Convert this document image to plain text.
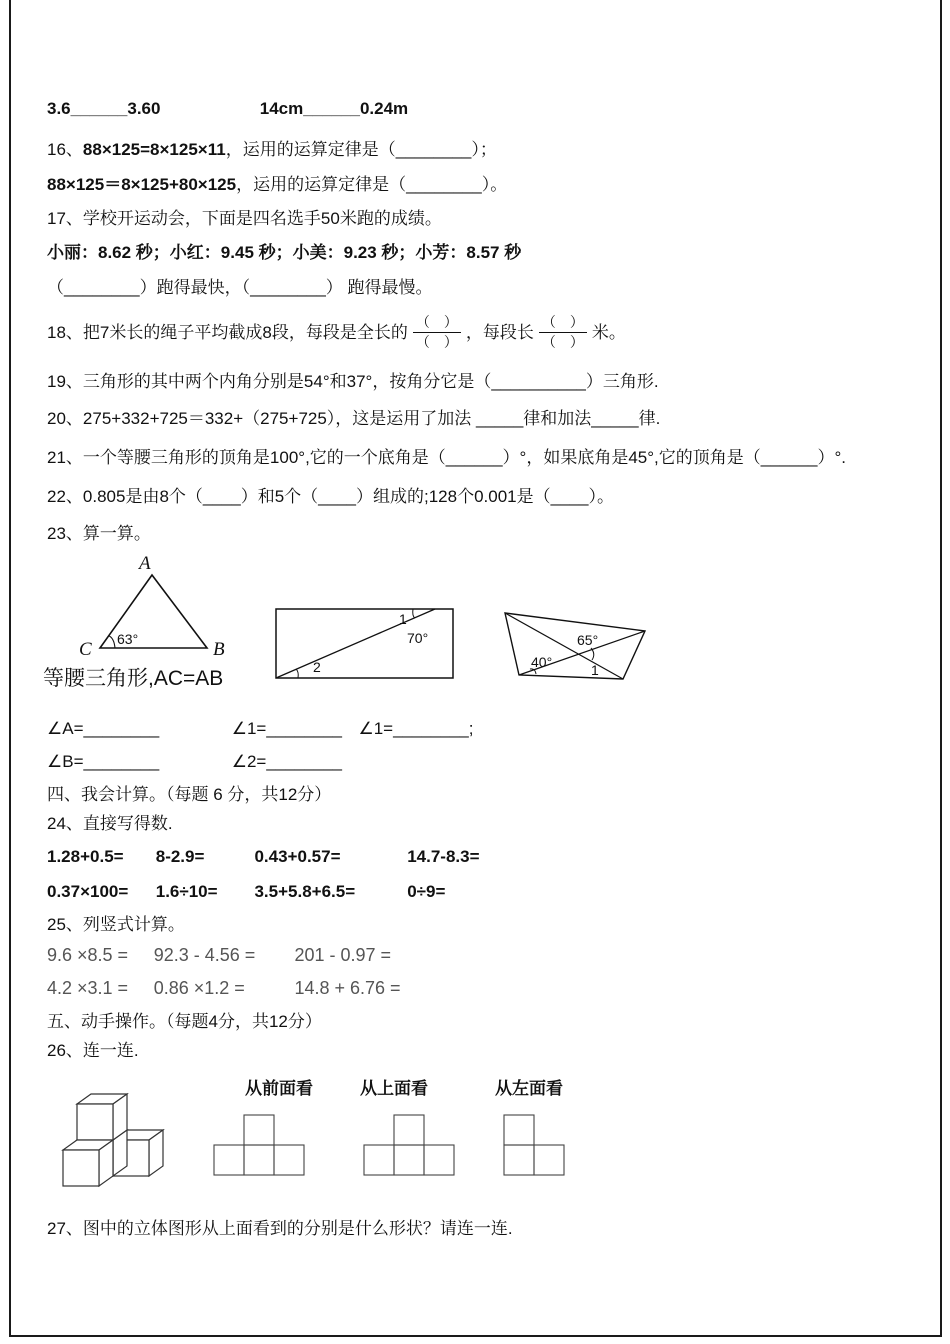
3.6______3.60	14cm______0.24m
16、88×125=8×125×11，运用的运算定律是（________）；
88×125＝8×125+80×125，运用的运算定律是（________）。
17、学校开运动会，下面是四名选手50米跑的成绩。
小丽：8.62 秒；小红：9.45 秒；小美：9.23 秒；小芳：8.57 秒
（________）跑得最快，（________） 跑得最慢。
18、把7米长的绳子平均截成8段，每段是全长的 $\frac{( )}{( )}$ ，每段长 $\frac{( )}{( )}$ 米。
19、三角形的其中两个内角分别是54°和37°，按角分它是（__________）三角形.
20、275+332+725＝332+（275+725），这是运用了加法 _____律和加法_____律.
21、一个等腰三角形的顶角是100°,它的一个底角是（______）°，如果底角是45°,它的顶角是（______）°.
22、0.805是由8个（____）和5个（____）组成的;128个0.001是（____）。
23、算一算。
A
C	B
63°
等腰三角形,AC=AB
1
70°
2
65°
40°	1
∠A=________	∠1=________ ∠1=________;
∠B=________	∠2=________
四、我会计算。（每题 6 分，共12分）
24、直接写得数.
1.28+0.5= 8-2.9=	0.43+0.57=	14.7-8.3=
0.37×100= 1.6÷10= 3.5+5.8+6.5=	0÷9=
25、列竖式计算。
9.6 ×8.5 = 92.3 - 4.56 = 201 - 0.97 =
4.2 ×3.1 = 0.86 ×1.2 =	14.8 + 6.76 =
五、动手操作。（每题4分，共12分）
26、连一连.
从前面看	从上面看	从左面看
27、图中的立体图形从上面看到的分别是什么形状？请连一连.
